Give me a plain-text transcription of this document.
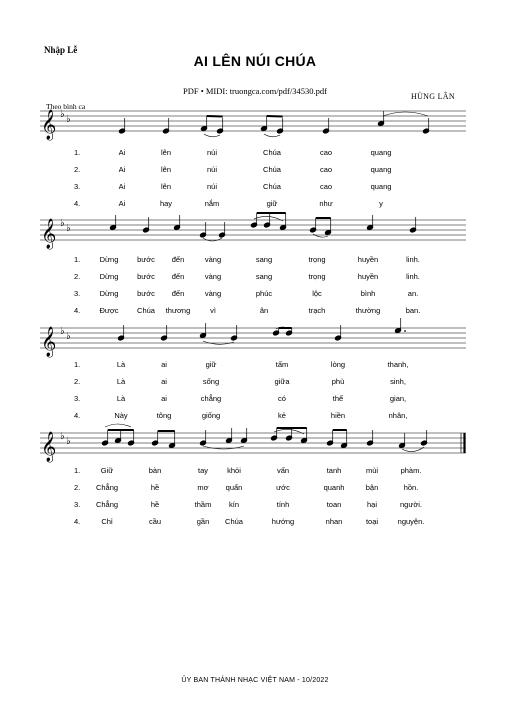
Nhập Lễ
AI LÊN NÚI CHÚA
PDF • MIDI: truongca.com/pdf/34530.pdf
HÙNG LÂN
Theo bình ca
𝄞 ♭ ♭
𝄞 ♭ ♭
𝄞 ♭ ♭
𝄞 ♭ ♭
1.	Ai	lên	núi	Chúa	cao	quang
2.	Ai	lên	núi	Chúa	cao	quang
3.	Ai	lên	núi	Chúa	cao	quang
4.	Ai	hay	nắm	giữ	như	y
1.	Dừng bước đến	vàng	sang	trọng	huyền	linh.
2.	Dừng bước đến	vàng	sang	trọng	huyền	linh.
3.	Dừng bước đến	vàng	phúc	lộc	bình	an.
4.	Được Chúa thương	vì	ân	trạch	thường	ban.
1.	Là	ai	giữ	tấm	lòng	thanh,
2.	Là	ai	sống	giữa	phù	sinh,
3.	Là	ai	chẳng	có	thể	gian,
4.	Này	tông	giống	kẻ	hiền	nhân,
1.	Giữ	bàn	tay	khỏi	vấn	tanh	mùi	phàm.
2. Chẳng	hề	mơ quẩn	ước	quanh	bận	hồn.
3. Chẳng	hề	thầm kín	tính	toan	hại	người.
4.	Chỉ	cầu	gần Chúa	hướng	nhan	toại	nguyện.
ỦY BAN THÁNH NHẠC VIỆT NAM - 10/2022
